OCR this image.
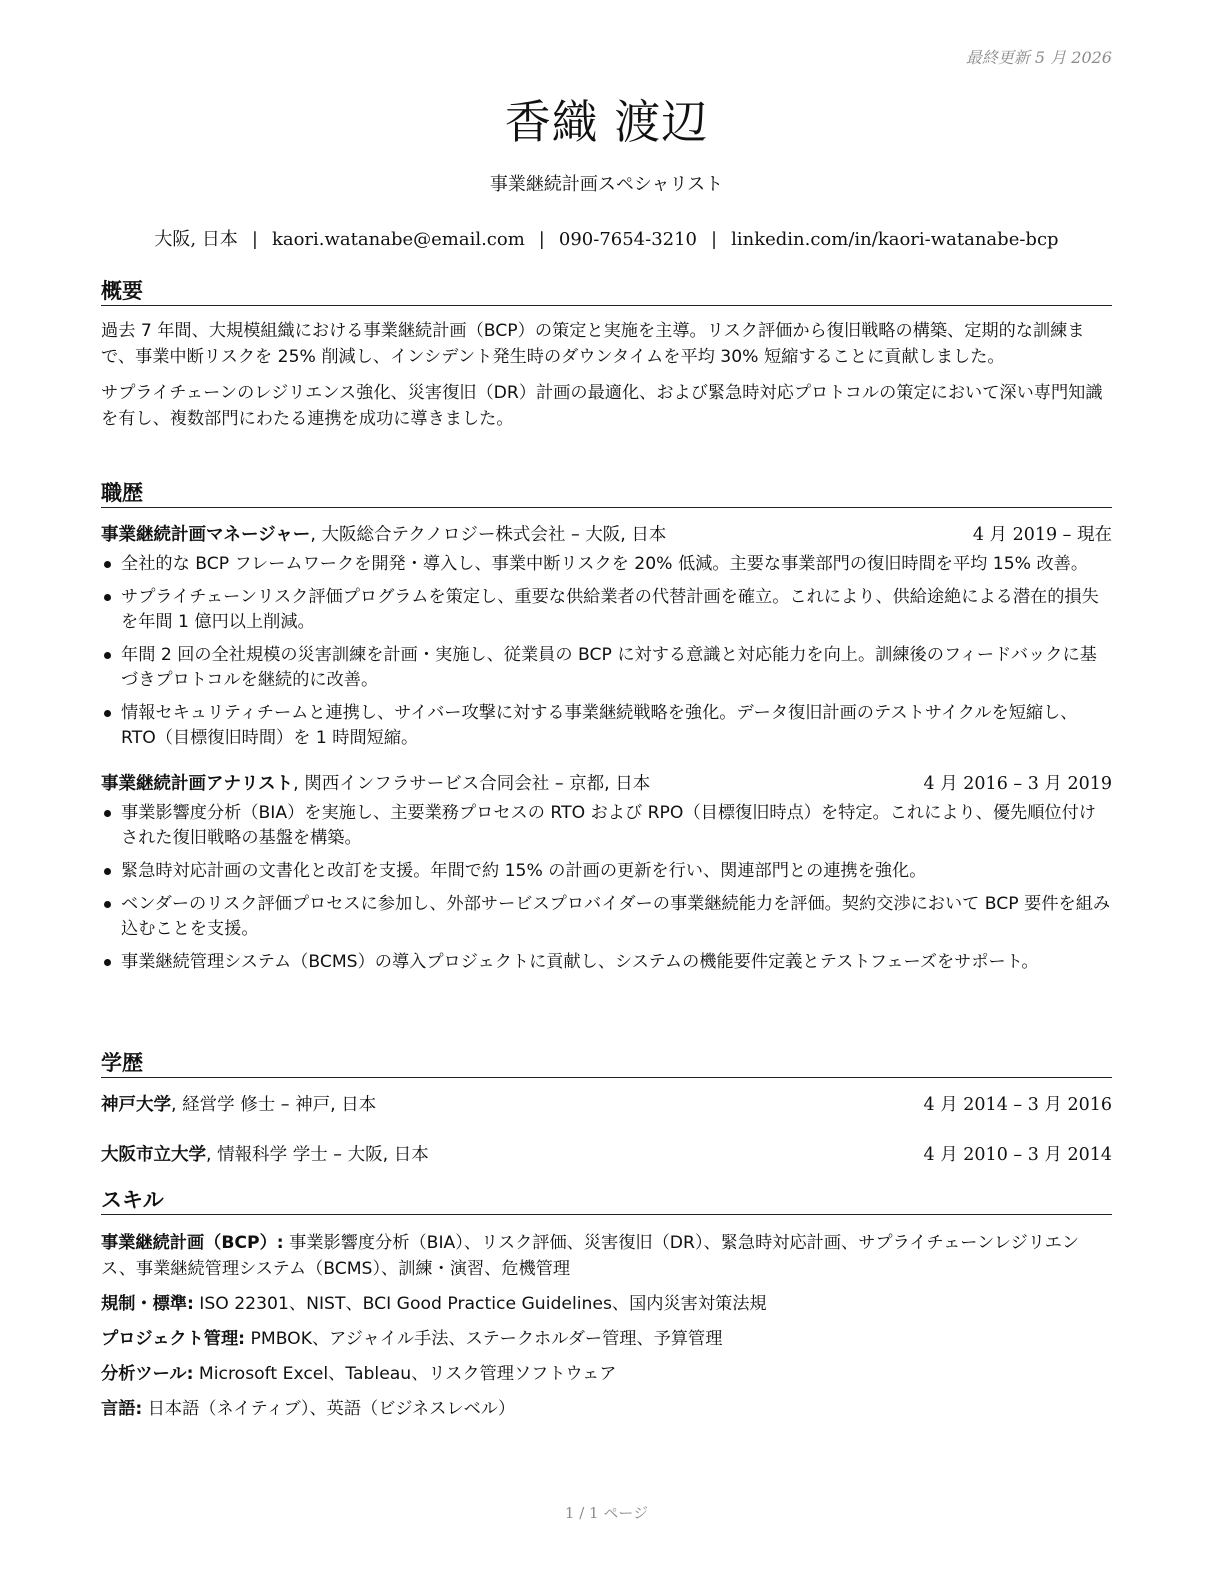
最終更新 5 月 2026
香織 渡辺
事業継続計画スペシャリスト
大阪, 日本 | kaori.watanabe@email.com | 090-7654-3210 | linkedin.com/in/kaori-watanabe-bcp
概要

過去 7 年間、大規模組織における事業継続計画（BCP）の策定と実施を主導。リスク評価から復旧戦略の構築、定期的な訓練まで、事業中断リスクを 25% 削減し、インシデント発生時のダウンタイムを平均 30% 短縮することに貢献しました。

サプライチェーンのレジリエンス強化、災害復旧（DR）計画の最適化、および緊急時対応プロトコルの策定において深い専門知識を有し、複数部門にわたる連携を成功に導きました。

職歴
事業継続計画マネージャー, 大阪総合テクノロジー株式会社 – 大阪, 日本	4 月 2019 – 現在
全社的な BCP フレームワークを開発・導入し、事業中断リスクを 20% 低減。主要な事業部門の復旧時間を平均 15% 改善。
サプライチェーンリスク評価プログラムを策定し、重要な供給業者の代替計画を確立。これにより、供給途絶による潜在的損失を年間 1 億円以上削減。
年間 2 回の全社規模の災害訓練を計画・実施し、従業員の BCP に対する意識と対応能力を向上。訓練後のフィードバックに基づきプロトコルを継続的に改善。
情報セキュリティチームと連携し、サイバー攻撃に対する事業継続戦略を強化。データ復旧計画のテストサイクルを短縮し、RTO（目標復旧時間）を 1 時間短縮。
事業継続計画アナリスト, 関西インフラサービス合同会社 – 京都, 日本	4 月 2016 – 3 月 2019
事業影響度分析（BIA）を実施し、主要業務プロセスの RTO および RPO（目標復旧時点）を特定。これにより、優先順位付けされた復旧戦略の基盤を構築。
緊急時対応計画の文書化と改訂を支援。年間で約 15% の計画の更新を行い、関連部門との連携を強化。
ベンダーのリスク評価プロセスに参加し、外部サービスプロバイダーの事業継続能力を評価。契約交渉において BCP 要件を組み込むことを支援。
事業継続管理システム（BCMS）の導入プロジェクトに貢献し、システムの機能要件定義とテストフェーズをサポート。
学歴
神戸大学, 経営学 修士 – 神戸, 日本	4 月 2014 – 3 月 2016
大阪市立大学, 情報科学 学士 – 大阪, 日本	4 月 2010 – 3 月 2014
スキル
事業継続計画（BCP）: 事業影響度分析（BIA）、リスク評価、災害復旧（DR）、緊急時対応計画、サプライチェーンレジリエンス、事業継続管理システム（BCMS）、訓練・演習、危機管理
規制・標準: ISO 22301、NIST、BCI Good Practice Guidelines、国内災害対策法規
プロジェクト管理: PMBOK、アジャイル手法、ステークホルダー管理、予算管理
分析ツール: Microsoft Excel、Tableau、リスク管理ソフトウェア
言語: 日本語（ネイティブ）、英語（ビジネスレベル）
1 / 1 ページ
